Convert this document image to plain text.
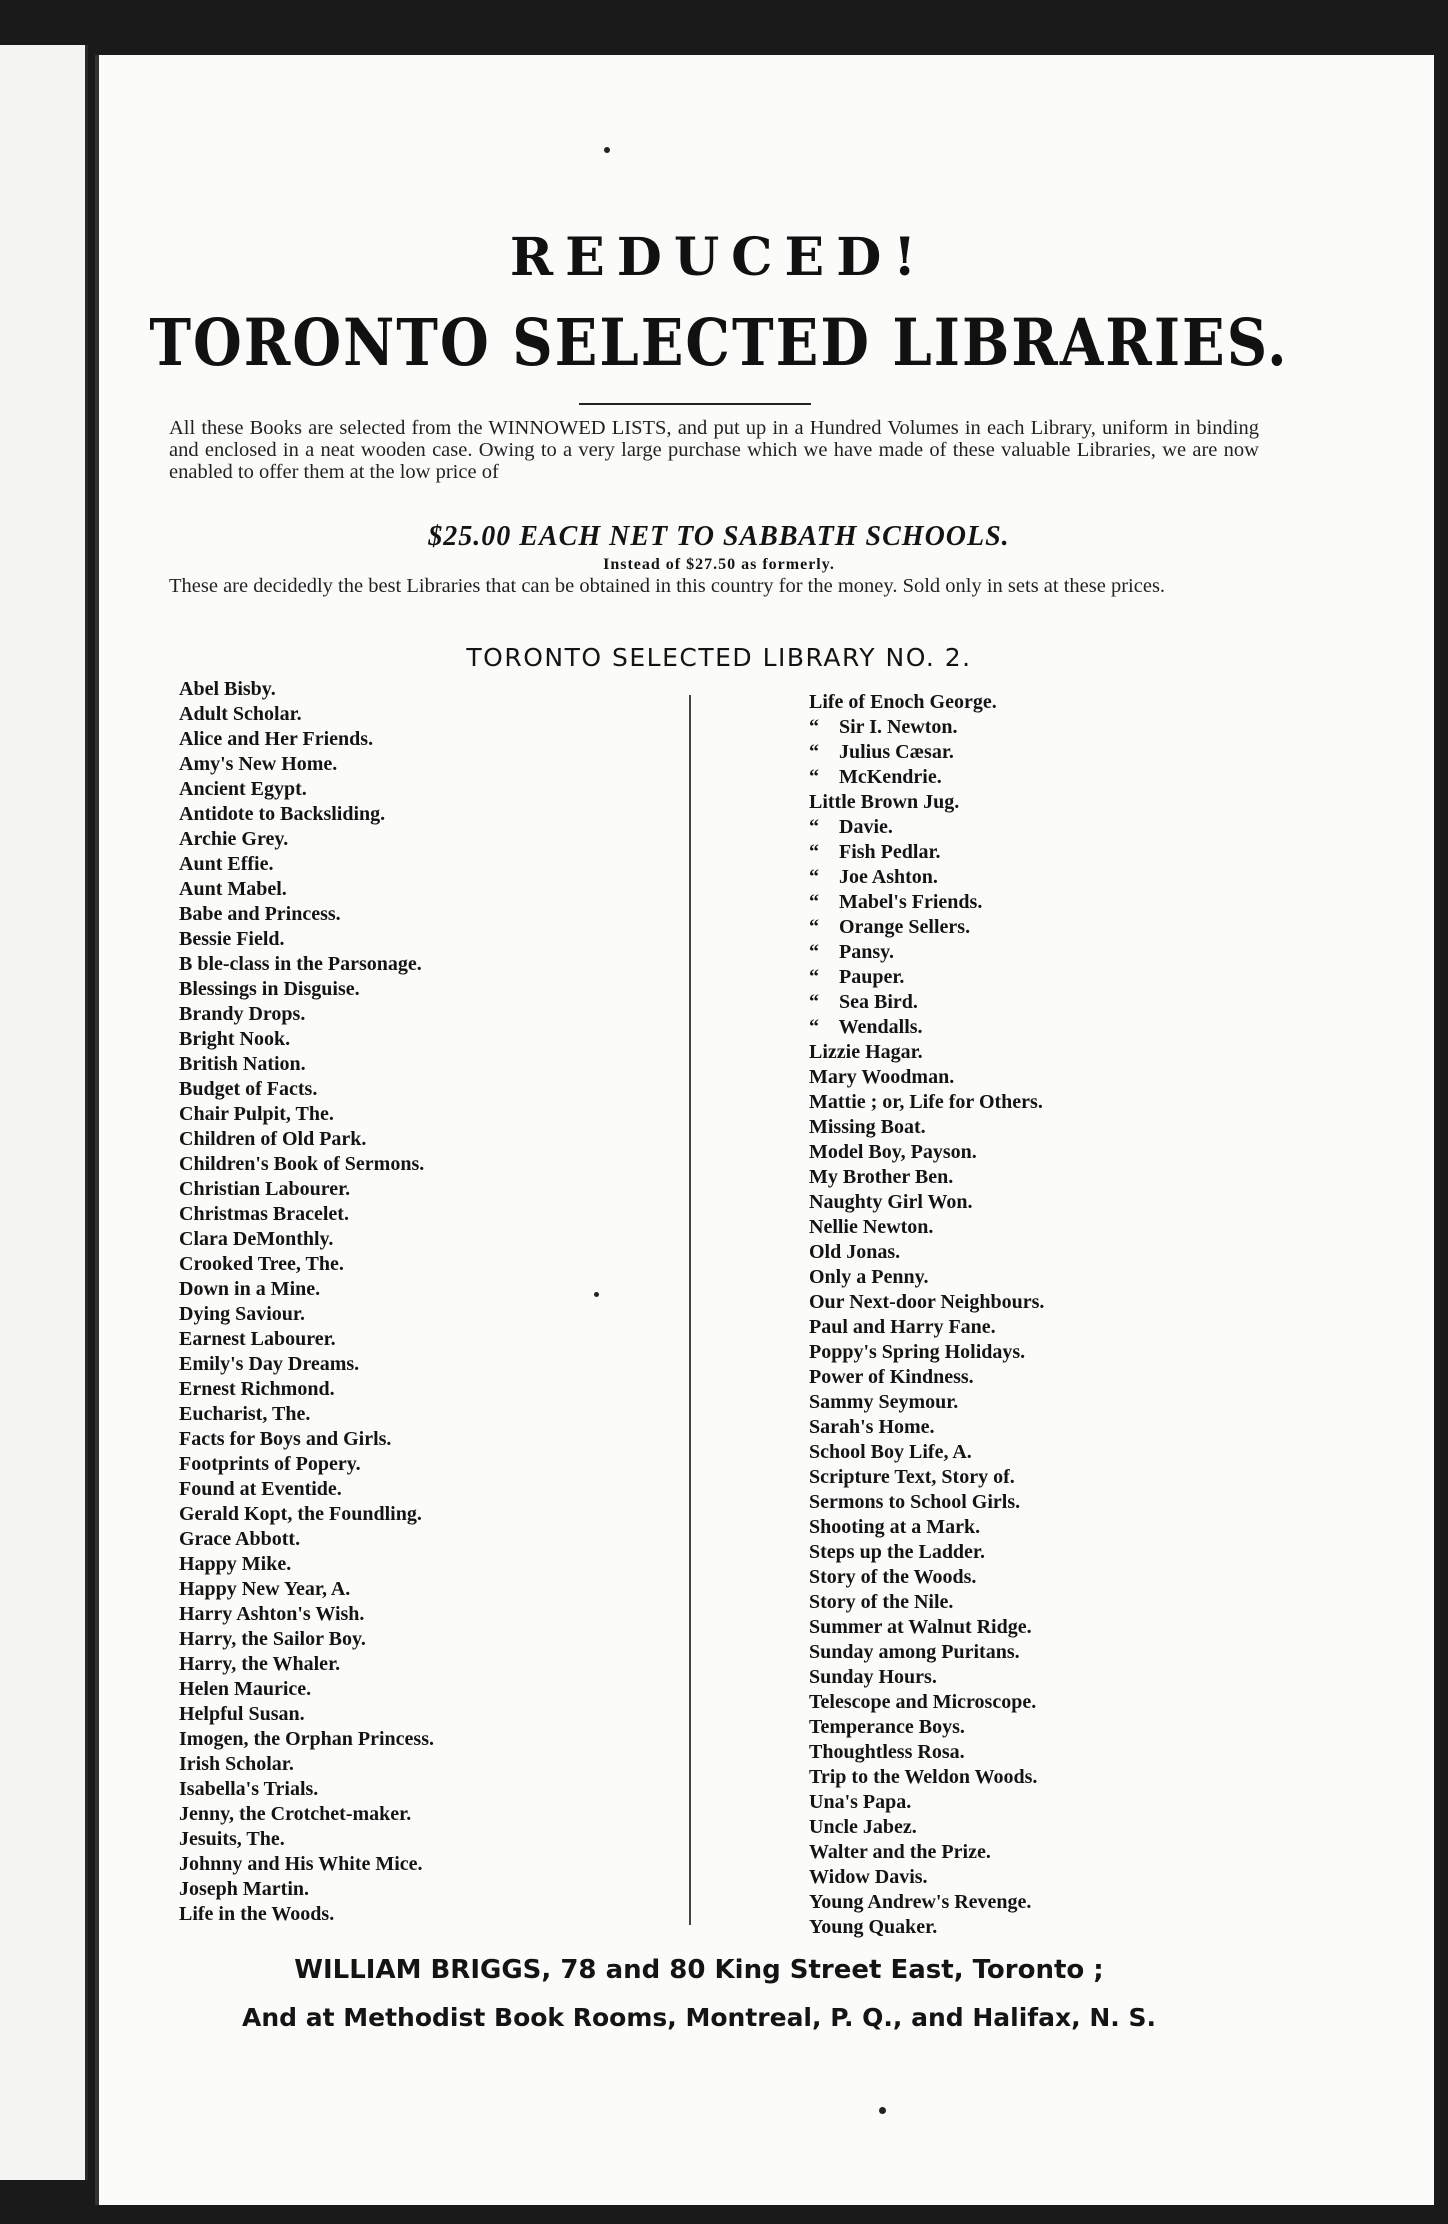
REDUCED!
TORONTO SELECTED LIBRARIES.

All these Books are selected from the WINNOWED LISTS, and put up in a Hundred Volumes in each Library, uniform in binding and enclosed in a neat wooden case. Owing to a very large purchase which we have made of these valuable Libraries, we are now enabled to offer them at the low price of

$25.00 EACH NET TO SABBATH SCHOOLS.
Instead of $27.50 as formerly.

These are decidedly the best Libraries that can be obtained in this country for the money. Sold only in sets at these prices.

TORONTO SELECTED LIBRARY NO. 2.
Abel Bisby.
Adult Scholar.
Alice and Her Friends.
Amy's New Home.
Ancient Egypt.
Antidote to Backsliding.
Archie Grey.
Aunt Effie.
Aunt Mabel.
Babe and Princess.
Bessie Field.
B ble-class in the Parsonage.
Blessings in Disguise.
Brandy Drops.
Bright Nook.
British Nation.
Budget of Facts.
Chair Pulpit, The.
Children of Old Park.
Children's Book of Sermons.
Christian Labourer.
Christmas Bracelet.
Clara DeMonthly.
Crooked Tree, The.
Down in a Mine.
Dying Saviour.
Earnest Labourer.
Emily's Day Dreams.
Ernest Richmond.
Eucharist, The.
Facts for Boys and Girls.
Footprints of Popery.
Found at Eventide.
Gerald Kopt, the Foundling.
Grace Abbott.
Happy Mike.
Happy New Year, A.
Harry Ashton's Wish.
Harry, the Sailor Boy.
Harry, the Whaler.
Helen Maurice.
Helpful Susan.
Imogen, the Orphan Princess.
Irish Scholar.
Isabella's Trials.
Jenny, the Crotchet-maker.
Jesuits, The.
Johnny and His White Mice.
Joseph Martin.
Life in the Woods.
Life of Enoch George.
“    Sir I. Newton.
“    Julius Cæsar.
“    McKendrie.
Little Brown Jug.
“    Davie.
“    Fish Pedlar.
“    Joe Ashton.
“    Mabel's Friends.
“    Orange Sellers.
“    Pansy.
“    Pauper.
“    Sea Bird.
“    Wendalls.
Lizzie Hagar.
Mary Woodman.
Mattie ; or, Life for Others.
Missing Boat.
Model Boy, Payson.
My Brother Ben.
Naughty Girl Won.
Nellie Newton.
Old Jonas.
Only a Penny.
Our Next-door Neighbours.
Paul and Harry Fane.
Poppy's Spring Holidays.
Power of Kindness.
Sammy Seymour.
Sarah's Home.
School Boy Life, A.
Scripture Text, Story of.
Sermons to School Girls.
Shooting at a Mark.
Steps up the Ladder.
Story of the Woods.
Story of the Nile.
Summer at Walnut Ridge.
Sunday among Puritans.
Sunday Hours.
Telescope and Microscope.
Temperance Boys.
Thoughtless Rosa.
Trip to the Weldon Woods.
Una's Papa.
Uncle Jabez.
Walter and the Prize.
Widow Davis.
Young Andrew's Revenge.
Young Quaker.
WILLIAM BRIGGS, 78 and 80 King Street East, Toronto ;
And at Methodist Book Rooms, Montreal, P. Q., and Halifax, N. S.
